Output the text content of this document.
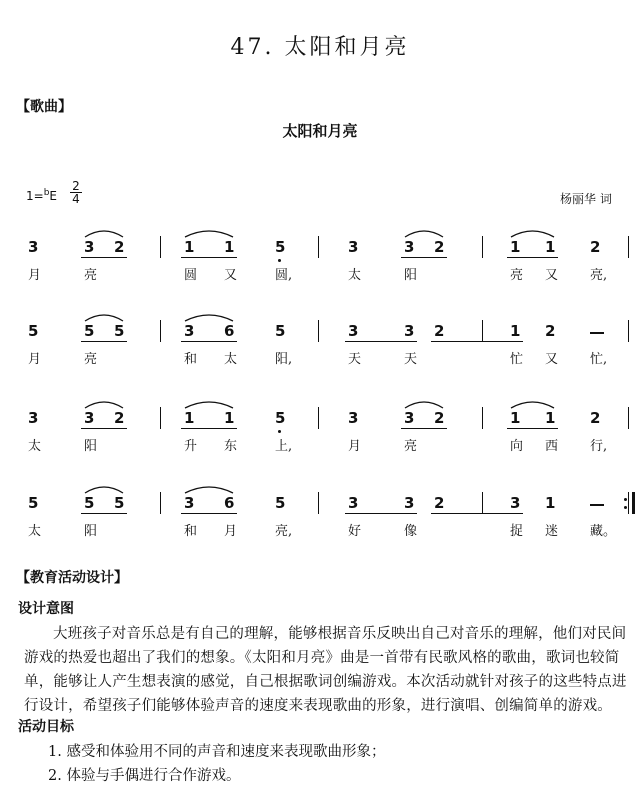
47. 太阳和月亮
【歌曲】
太阳和月亮
1=$^b$E
2
4	杨丽华 词
3	3 2	1 1	5	3	3 2	1 1 2
月	亮	圆 又	圆,	太	阳	亮 又 亮,
5	5 5	3 6	5	3	3 2	1 2
月	亮	和 太	阳,	天	天	忙 又 忙,
3	3 2	1 1	5	3	3 2	1 1 2
太	阳	升 东	上,	月	亮	向 西 行,
5	5 5	3 6	5	3	3 2	3 1
太	阳	和 月	亮,	好	像	捉 迷 藏。
【教育活动设计】
设计意图
大班孩子对音乐总是有自己的理解，能够根据音乐反映出自己对音乐的理解，他们对民间游戏的热爱也超出了我们的想象。《太阳和月亮》曲是一首带有民歌风格的歌曲，歌词也较简单，能够让人产生想表演的感觉，自己根据歌词创编游戏。本次活动就针对孩子的这些特点进行设计，希望孩子们能够体验声音的速度来表现歌曲的形象，进行演唱、创编简单的游戏。
活动目标
1. 感受和体验用不同的声音和速度来表现歌曲形象；
2. 体验与手偶进行合作游戏。
